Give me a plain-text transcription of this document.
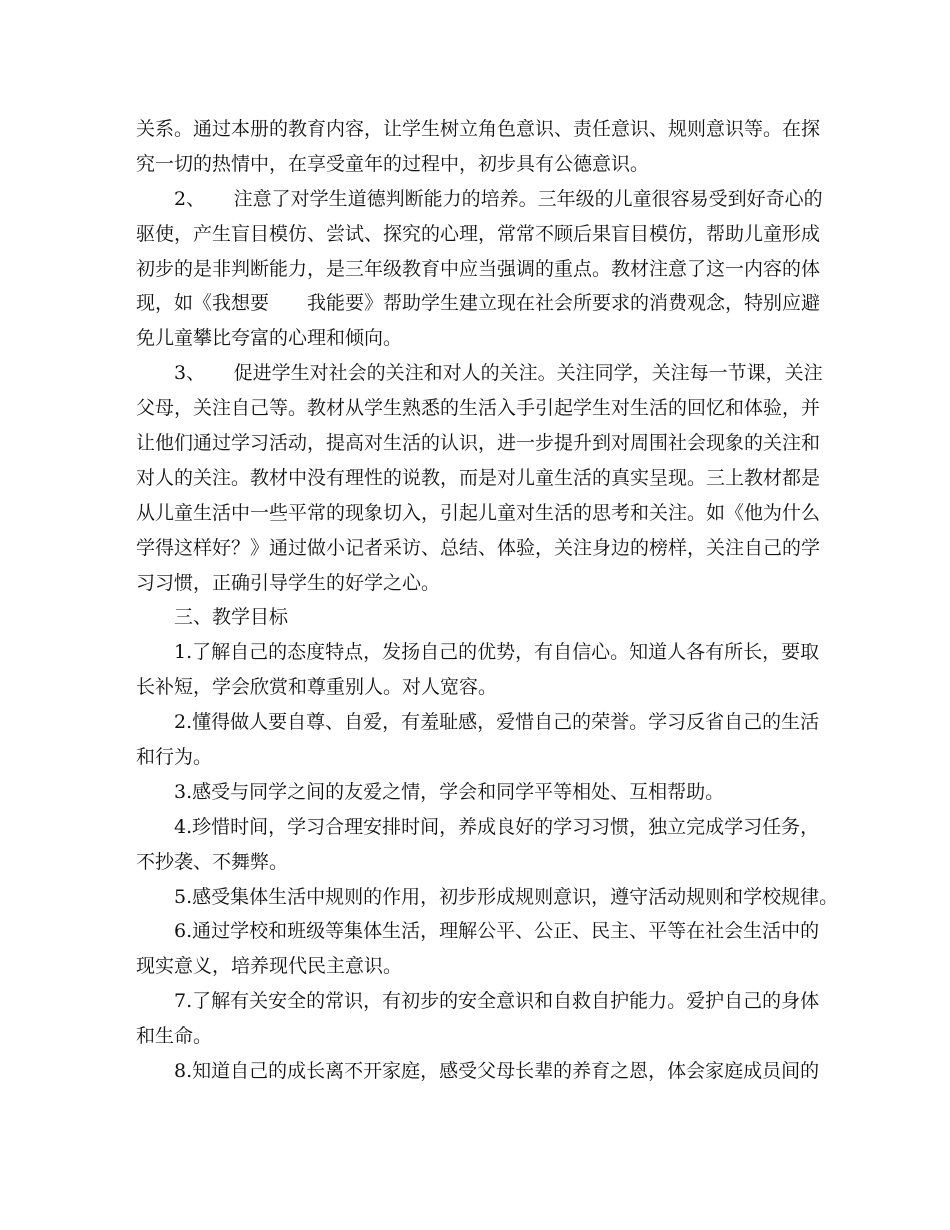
关系。通过本册的教育内容，让学生树立角色意识、责任意识、规则意识等。在探
究一切的热情中，在享受童年的过程中，初步具有公德意识。
2、　　注意了对学生道德判断能力的培养。三年级的儿童很容易受到好奇心的
驱使，产生盲目模仿、尝试、探究的心理，常常不顾后果盲目模仿，帮助儿童形成
初步的是非判断能力，是三年级教育中应当强调的重点。教材注意了这一内容的体
现，如《我想要　　我能要》帮助学生建立现在社会所要求的消费观念，特别应避
免儿童攀比夸富的心理和倾向。
3、　　促进学生对社会的关注和对人的关注。关注同学，关注每一节课，关注
父母，关注自己等。教材从学生熟悉的生活入手引起学生对生活的回忆和体验，并
让他们通过学习活动，提高对生活的认识，进一步提升到对周围社会现象的关注和
对人的关注。教材中没有理性的说教，而是对儿童生活的真实呈现。三上教材都是
从儿童生活中一些平常的现象切入，引起儿童对生活的思考和关注。如《他为什么
学得这样好？》通过做小记者采访、总结、体验，关注身边的榜样，关注自己的学
习习惯，正确引导学生的好学之心。
三、教学目标
1.了解自己的态度特点，发扬自己的优势，有自信心。知道人各有所长，要取
长补短，学会欣赏和尊重别人。对人宽容。
2.懂得做人要自尊、自爱，有羞耻感，爱惜自己的荣誉。学习反省自己的生活
和行为。
3.感受与同学之间的友爱之情，学会和同学平等相处、互相帮助。
4.珍惜时间，学习合理安排时间，养成良好的学习习惯，独立完成学习任务，
不抄袭、不舞弊。
5.感受集体生活中规则的作用，初步形成规则意识，遵守活动规则和学校规律。
6.通过学校和班级等集体生活，理解公平、公正、民主、平等在社会生活中的
现实意义，培养现代民主意识。
7.了解有关安全的常识，有初步的安全意识和自救自护能力。爱护自己的身体
和生命。
8.知道自己的成长离不开家庭，感受父母长辈的养育之恩，体会家庭成员间的
